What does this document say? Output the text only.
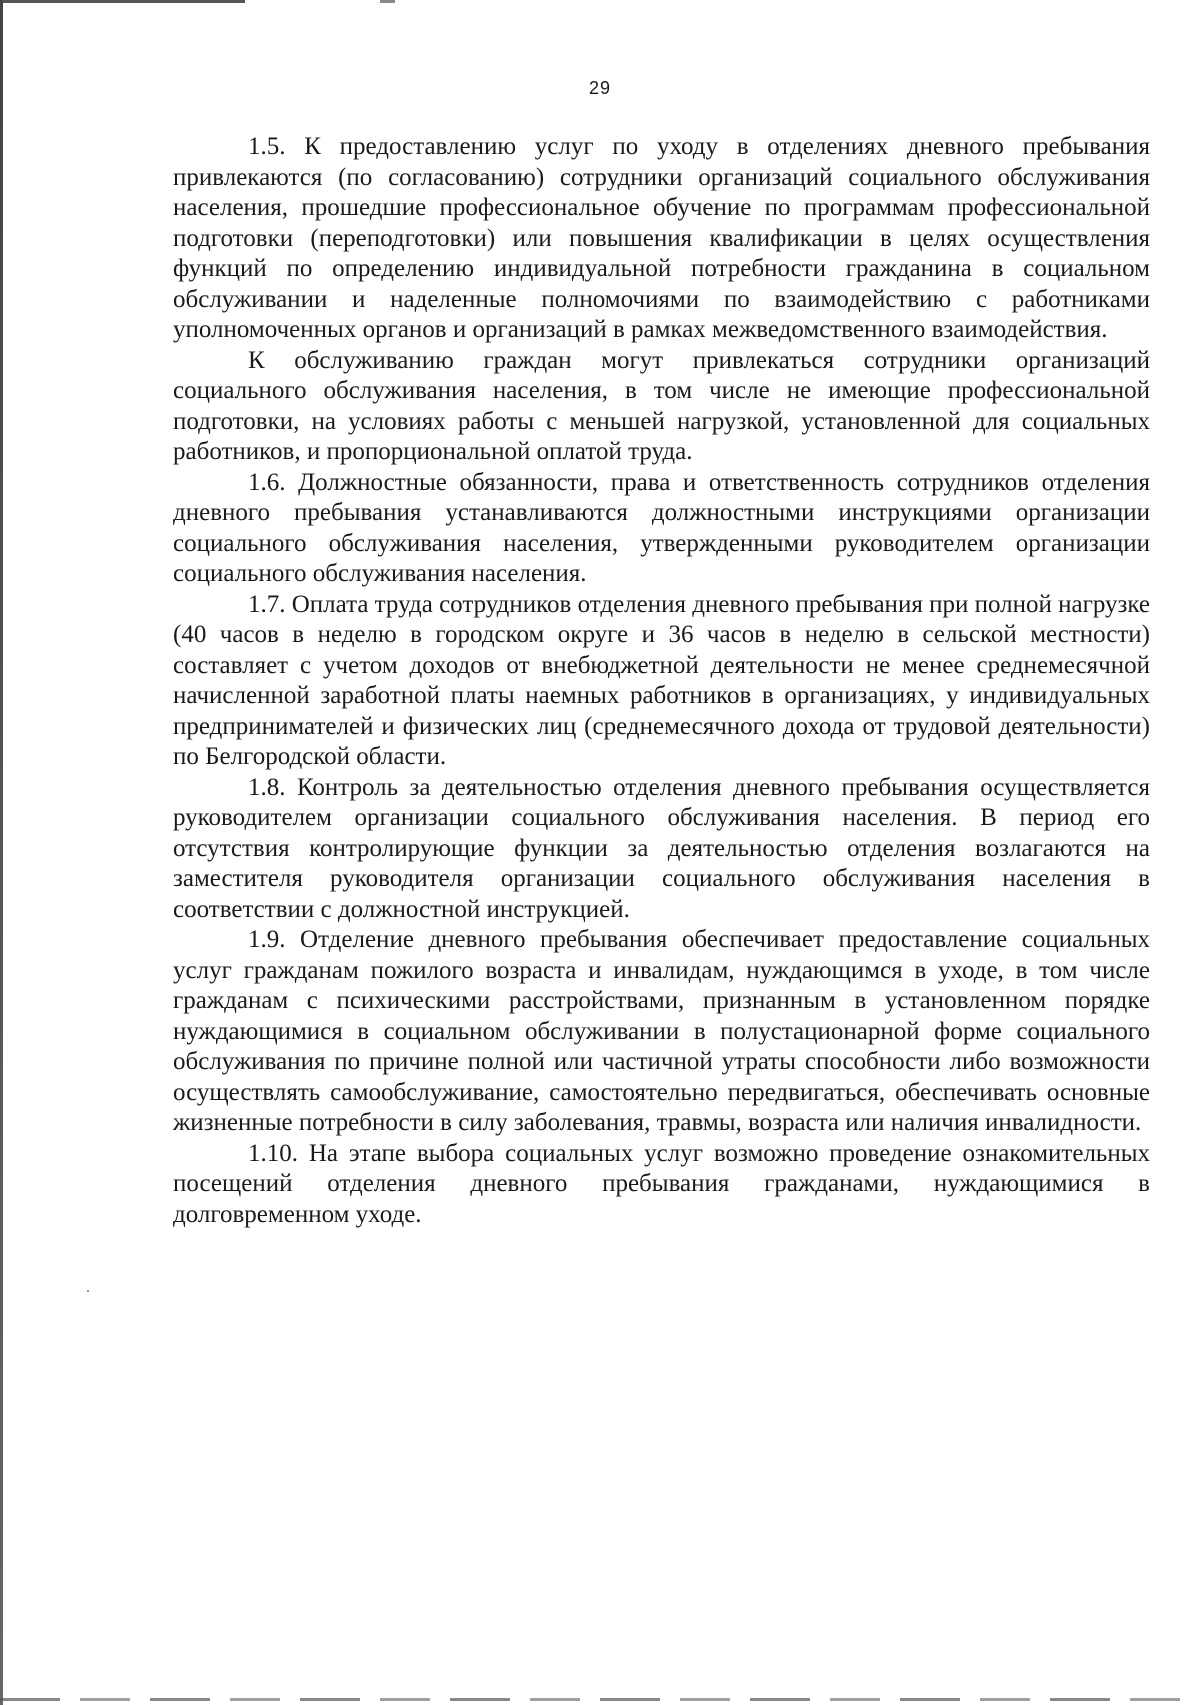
29

1.5. К предоставлению услуг по уходу в отделениях дневного пребывания привлекаются (по согласованию) сотрудники организаций социального обслуживания населения, прошедшие профессиональное обучение по программам профессиональной подготовки (переподготовки) или повышения квалификации в целях осуществления функций по определению индивидуальной потребности гражданина в социальном обслуживании и наделенные полномочиями по взаимодействию с работниками уполномоченных органов и организаций в рамках межведомственного взаимодействия.

К обслуживанию граждан могут привлекаться сотрудники организаций социального обслуживания населения, в том числе не имеющие профессиональной подготовки, на условиях работы с меньшей нагрузкой, установленной для социальных работников, и пропорциональной оплатой труда.

1.6. Должностные обязанности, права и ответственность сотрудников отделения дневного пребывания устанавливаются должностными инструкциями организации социального обслуживания населения, утвержденными руководителем организации социального обслуживания населения.

1.7. Оплата труда сотрудников отделения дневного пребывания при полной нагрузке (40 часов в неделю в городском округе и 36 часов в неделю в сельской местности) составляет с учетом доходов от внебюджетной деятельности не менее среднемесячной начисленной заработной платы наемных работников в организациях, у индивидуальных предпринимателей и физических лиц (среднемесячного дохода от трудовой деятельности) по Белгородской области.

1.8. Контроль за деятельностью отделения дневного пребывания осуществляется руководителем организации социального обслуживания населения. В период его отсутствия контролирующие функции за деятельностью отделения возлагаются на заместителя руководителя организации социального обслуживания населения в соответствии с должностной инструкцией.

1.9. Отделение дневного пребывания обеспечивает предоставление социальных услуг гражданам пожилого возраста и инвалидам, нуждающимся в уходе, в том числе гражданам с психическими расстройствами, признанным в установленном порядке нуждающимися в социальном обслуживании в полустационарной форме социального обслуживания по причине полной или частичной утраты способности либо возможности осуществлять самообслуживание, самостоятельно передвигаться, обеспечивать основные жизненные потребности в силу заболевания, травмы, возраста или наличия инвалидности.

1.10. На этапе выбора социальных услуг возможно проведение ознакомительных посещений отделения дневного пребывания гражданами, нуждающимися в долговременном уходе.
